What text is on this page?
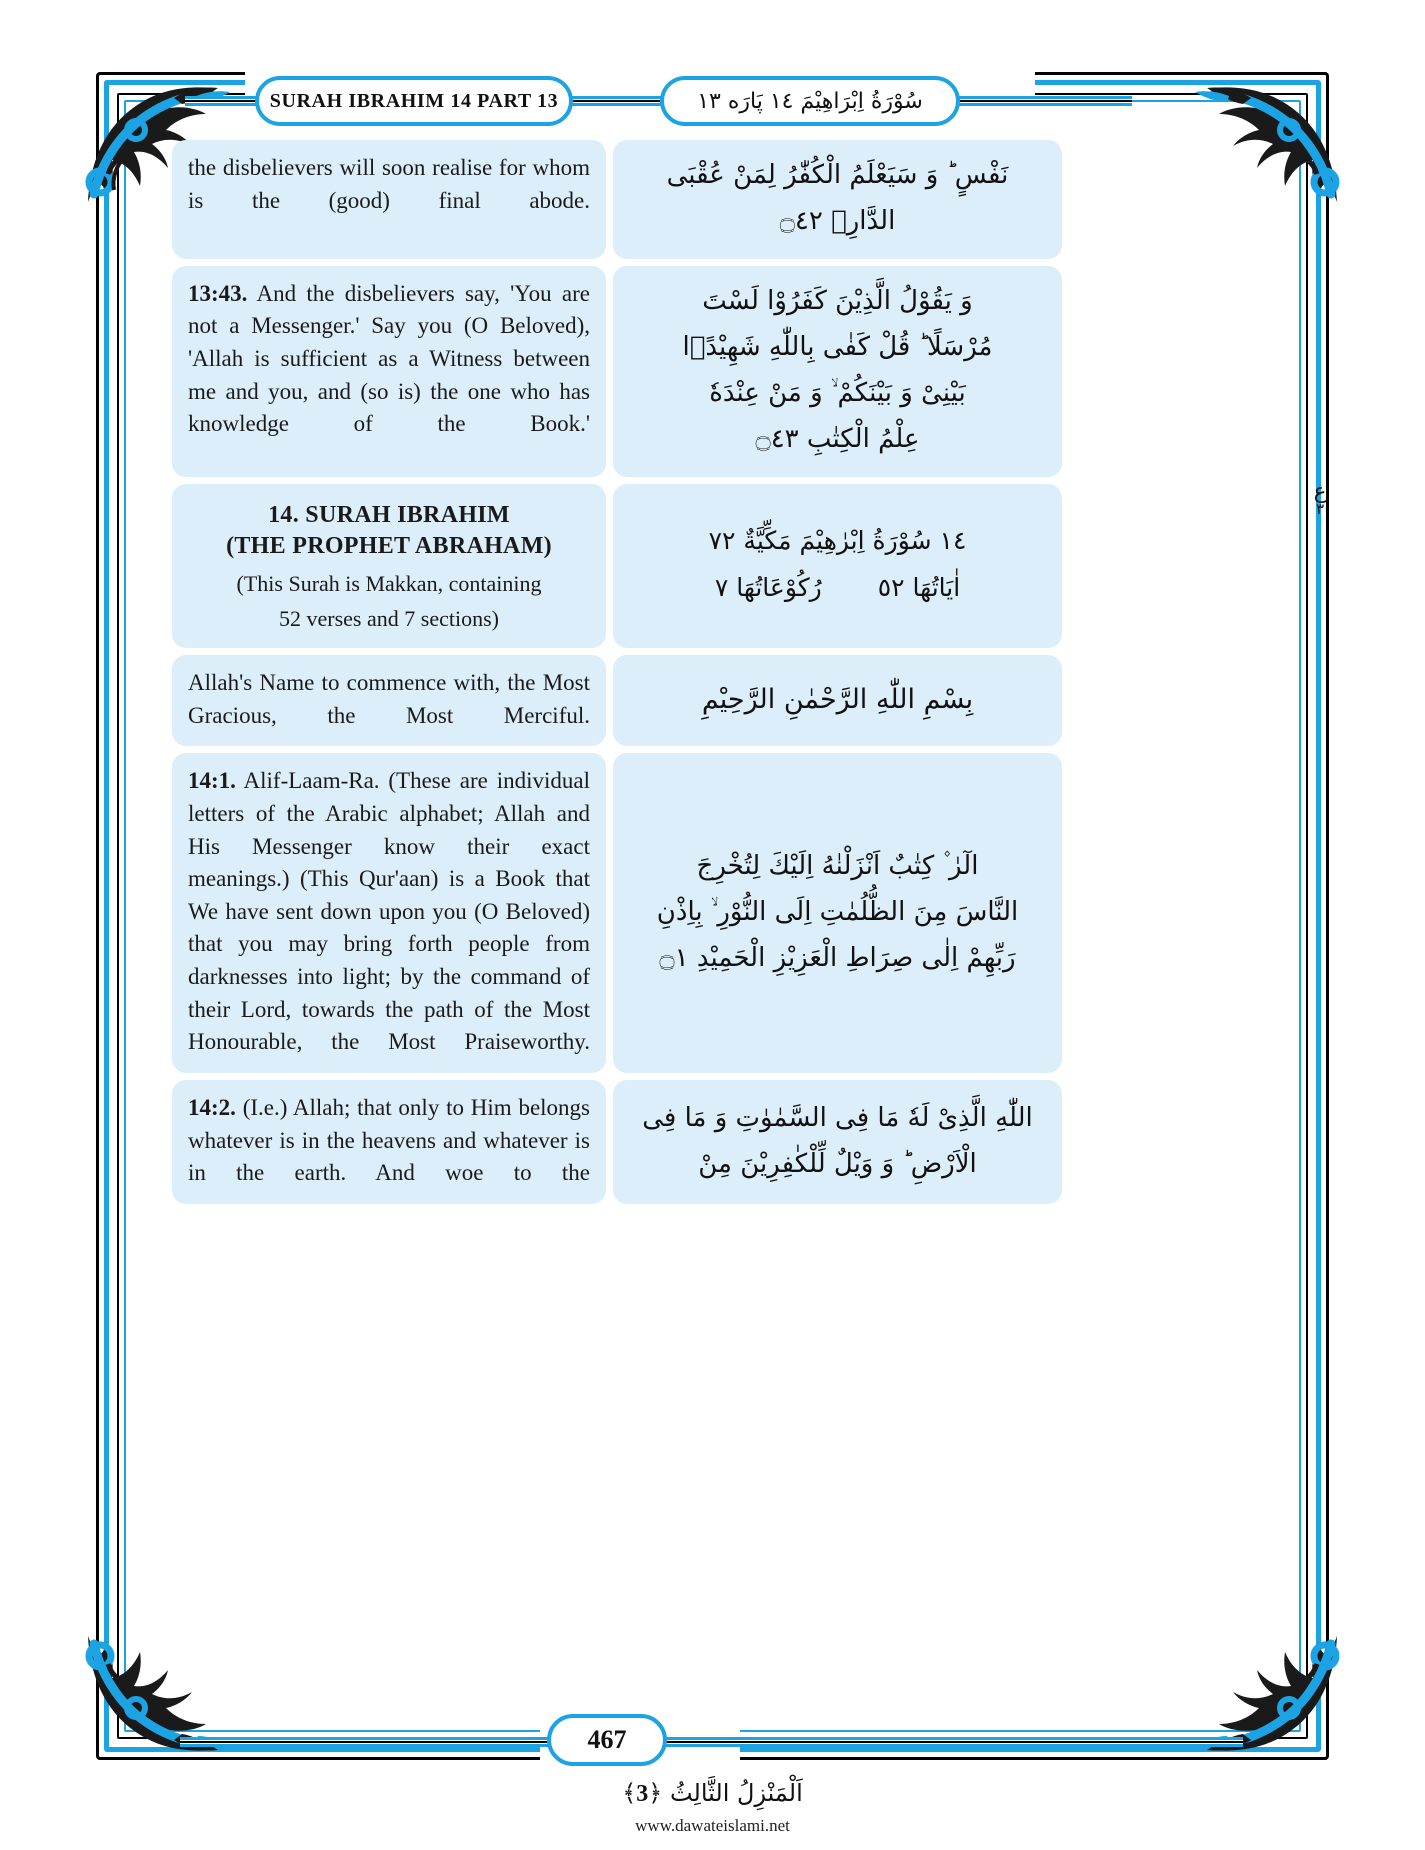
SURAH IBRAHIM 14 PART 13	سُوْرَةُ اِبْرَاهِيْمَ ١٤ پَارَه ١٣
ع
٣
the disbelievers will soon realise for whom is the (good) final abode.
نَفْسٍ ؕ وَ سَیَعْلَمُ الْكُفّٰرُ لِمَنْ عُقْبَى
الدَّارِ۠ ۝٤٢
13:43. And the disbelievers say, 'You are not a Messenger.' Say you (O Beloved), 'Allah is sufficient as a Witness between me and you, and (so is) the one who has knowledge of the Book.'
وَ یَقُوْلُ الَّذِیْنَ كَفَرُوْا لَسْتَ
مُرْسَلًا ؕ قُلْ كَفٰى بِاللّٰهِ شَهِیْدًۢا
بَیْنِیْ وَ بَیْنَكُمْ ۙ وَ مَنْ عِنْدَهٗ
عِلْمُ الْكِتٰبِ ۝٤٣
14. SURAH IBRAHIM
(THE PROPHET ABRAHAM)
(This Surah is Makkan, containing
52 verses and 7 sections)
١٤ سُوْرَةُ اِبْرٰهِيْمَ مَكِّيَّةٌ ٧٢
اٰيَاتُهَا ٥٢
رُكُوْعَاتُهَا ٧
Allah's Name to commence with, the Most Gracious, the Most Merciful.
بِسْمِ اللّٰهِ الرَّحْمٰنِ الرَّحِیْمِ
14:1. Alif-Laam-Ra. (These are individual letters of the Arabic alphabet; Allah and His Messenger know their exact meanings.) (This Qur'aan) is a Book that We have sent down upon you (O Beloved) that you may bring forth people from darknesses into light; by the command of their Lord, towards the path of the Most Honourable, the Most Praiseworthy.
الٓرٰ ۫ كِتٰبٌ اَنْزَلْنٰهُ اِلَیْكَ لِتُخْرِجَ
النَّاسَ مِنَ الظُّلُمٰتِ اِلَى النُّوْرِ ۙ بِاِذْنِ
رَبِّهِمْ اِلٰى صِرَاطِ الْعَزِیْزِ الْحَمِیْدِ ۝١
14:2. (I.e.) Allah; that only to Him belongs whatever is in the heavens and whatever is in the earth. And woe to the
اللّٰهِ الَّذِیْ لَهٗ مَا فِی السَّمٰوٰتِ وَ مَا فِی
الْاَرْضِ ؕ وَ وَیْلٌ لِّلْكٰفِرِیْنَ مِنْ
467
اَلْمَنْزِلُ الثَّالِثُ ﴿3﴾
www.dawateislami.net
